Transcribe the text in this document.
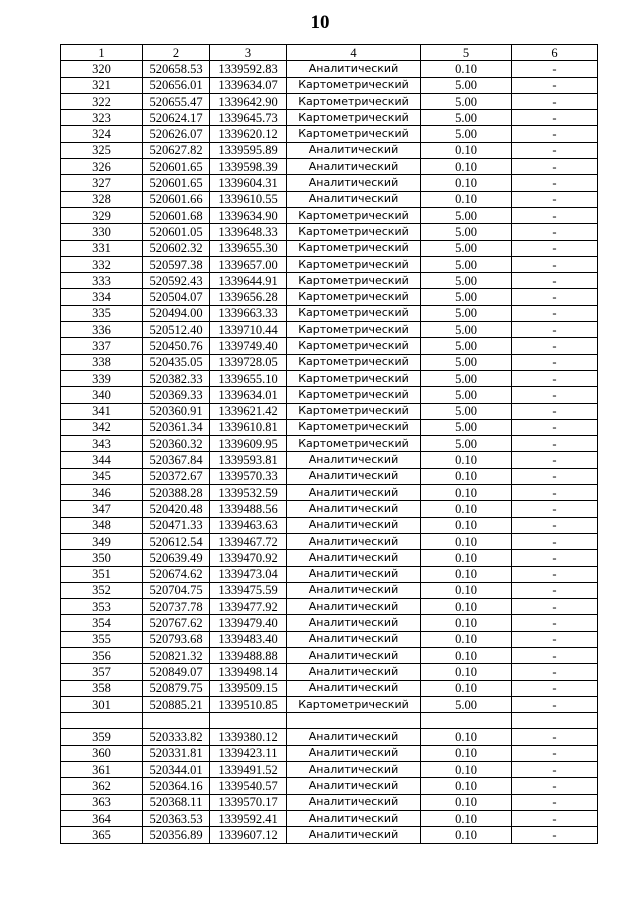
10
1	2	3	4	5	6
320	520658.53	1339592.83	Аналитический	0.10	-
321	520656.01	1339634.07	Картометрический	5.00	-
322	520655.47	1339642.90	Картометрический	5.00	-
323	520624.17	1339645.73	Картометрический	5.00	-
324	520626.07	1339620.12	Картометрический	5.00	-
325	520627.82	1339595.89	Аналитический	0.10	-
326	520601.65	1339598.39	Аналитический	0.10	-
327	520601.65	1339604.31	Аналитический	0.10	-
328	520601.66	1339610.55	Аналитический	0.10	-
329	520601.68	1339634.90	Картометрический	5.00	-
330	520601.05	1339648.33	Картометрический	5.00	-
331	520602.32	1339655.30	Картометрический	5.00	-
332	520597.38	1339657.00	Картометрический	5.00	-
333	520592.43	1339644.91	Картометрический	5.00	-
334	520504.07	1339656.28	Картометрический	5.00	-
335	520494.00	1339663.33	Картометрический	5.00	-
336	520512.40	1339710.44	Картометрический	5.00	-
337	520450.76	1339749.40	Картометрический	5.00	-
338	520435.05	1339728.05	Картометрический	5.00	-
339	520382.33	1339655.10	Картометрический	5.00	-
340	520369.33	1339634.01	Картометрический	5.00	-
341	520360.91	1339621.42	Картометрический	5.00	-
342	520361.34	1339610.81	Картометрический	5.00	-
343	520360.32	1339609.95	Картометрический	5.00	-
344	520367.84	1339593.81	Аналитический	0.10	-
345	520372.67	1339570.33	Аналитический	0.10	-
346	520388.28	1339532.59	Аналитический	0.10	-
347	520420.48	1339488.56	Аналитический	0.10	-
348	520471.33	1339463.63	Аналитический	0.10	-
349	520612.54	1339467.72	Аналитический	0.10	-
350	520639.49	1339470.92	Аналитический	0.10	-
351	520674.62	1339473.04	Аналитический	0.10	-
352	520704.75	1339475.59	Аналитический	0.10	-
353	520737.78	1339477.92	Аналитический	0.10	-
354	520767.62	1339479.40	Аналитический	0.10	-
355	520793.68	1339483.40	Аналитический	0.10	-
356	520821.32	1339488.88	Аналитический	0.10	-
357	520849.07	1339498.14	Аналитический	0.10	-
358	520879.75	1339509.15	Аналитический	0.10	-
301	520885.21	1339510.85	Картометрический	5.00	-

359	520333.82	1339380.12	Аналитический	0.10	-
360	520331.81	1339423.11	Аналитический	0.10	-
361	520344.01	1339491.52	Аналитический	0.10	-
362	520364.16	1339540.57	Аналитический	0.10	-
363	520368.11	1339570.17	Аналитический	0.10	-
364	520363.53	1339592.41	Аналитический	0.10	-
365	520356.89	1339607.12	Аналитический	0.10	-
